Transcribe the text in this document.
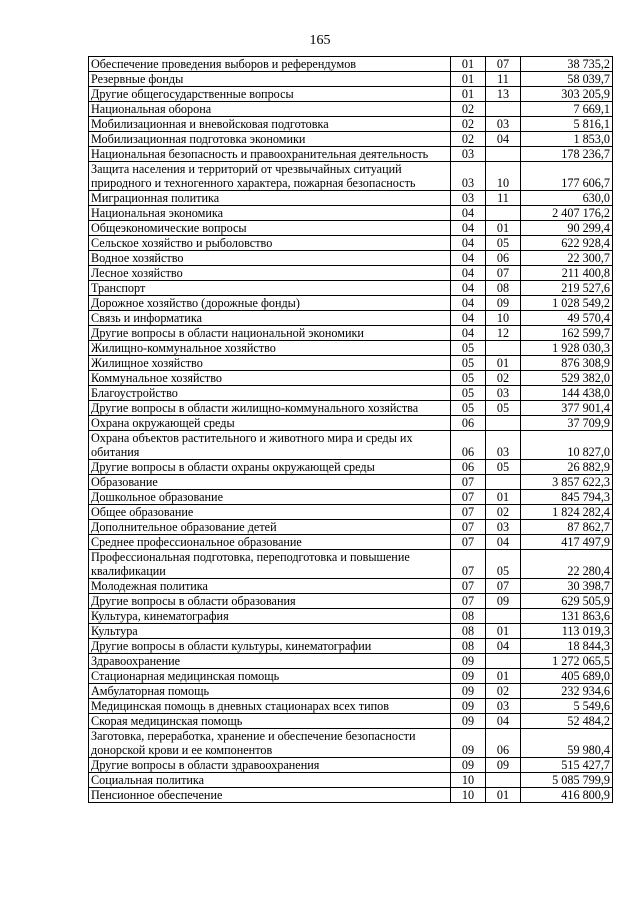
165
Обеспечение проведения выборов и референдумов	01	07	38 735,2
Резервные фонды	01	11	58 039,7
Другие общегосударственные вопросы	01	13	303 205,9
Национальная оборона	02		7 669,1
Мобилизационная и вневойсковая подготовка	02	03	5 816,1
Мобилизационная подготовка экономики	02	04	1 853,0
Национальная безопасность и правоохранительная деятельность	03		178 236,7
Защита населения и территорий от чрезвычайных ситуаций природного и техногенного характера, пожарная безопасность	03	10	177 606,7
Миграционная политика	03	11	630,0
Национальная экономика	04		2 407 176,2
Общеэкономические вопросы	04	01	90 299,4
Сельское хозяйство и рыболовство	04	05	622 928,4
Водное хозяйство	04	06	22 300,7
Лесное хозяйство	04	07	211 400,8
Транспорт	04	08	219 527,6
Дорожное хозяйство (дорожные фонды)	04	09	1 028 549,2
Связь и информатика	04	10	49 570,4
Другие вопросы в области национальной экономики	04	12	162 599,7
Жилищно-коммунальное хозяйство	05		1 928 030,3
Жилищное хозяйство	05	01	876 308,9
Коммунальное хозяйство	05	02	529 382,0
Благоустройство	05	03	144 438,0
Другие вопросы в области жилищно-коммунального хозяйства	05	05	377 901,4
Охрана окружающей среды	06		37 709,9
Охрана объектов растительного и животного мира и среды их обитания	06	03	10 827,0
Другие вопросы в области охраны окружающей среды	06	05	26 882,9
Образование	07		3 857 622,3
Дошкольное образование	07	01	845 794,3
Общее образование	07	02	1 824 282,4
Дополнительное образование детей	07	03	87 862,7
Среднее профессиональное образование	07	04	417 497,9
Профессиональная подготовка, переподготовка и повышение квалификации	07	05	22 280,4
Молодежная политика	07	07	30 398,7
Другие вопросы в области образования	07	09	629 505,9
Культура, кинематография	08		131 863,6
Культура	08	01	113 019,3
Другие вопросы в области культуры, кинематографии	08	04	18 844,3
Здравоохранение	09		1 272 065,5
Стационарная медицинская помощь	09	01	405 689,0
Амбулаторная помощь	09	02	232 934,6
Медицинская помощь в дневных стационарах всех типов	09	03	5 549,6
Скорая медицинская помощь	09	04	52 484,2
Заготовка, переработка, хранение и обеспечение безопасности донорской крови и ее компонентов	09	06	59 980,4
Другие вопросы в области здравоохранения	09	09	515 427,7
Социальная политика	10		5 085 799,9
Пенсионное обеспечение	10	01	416 800,9
